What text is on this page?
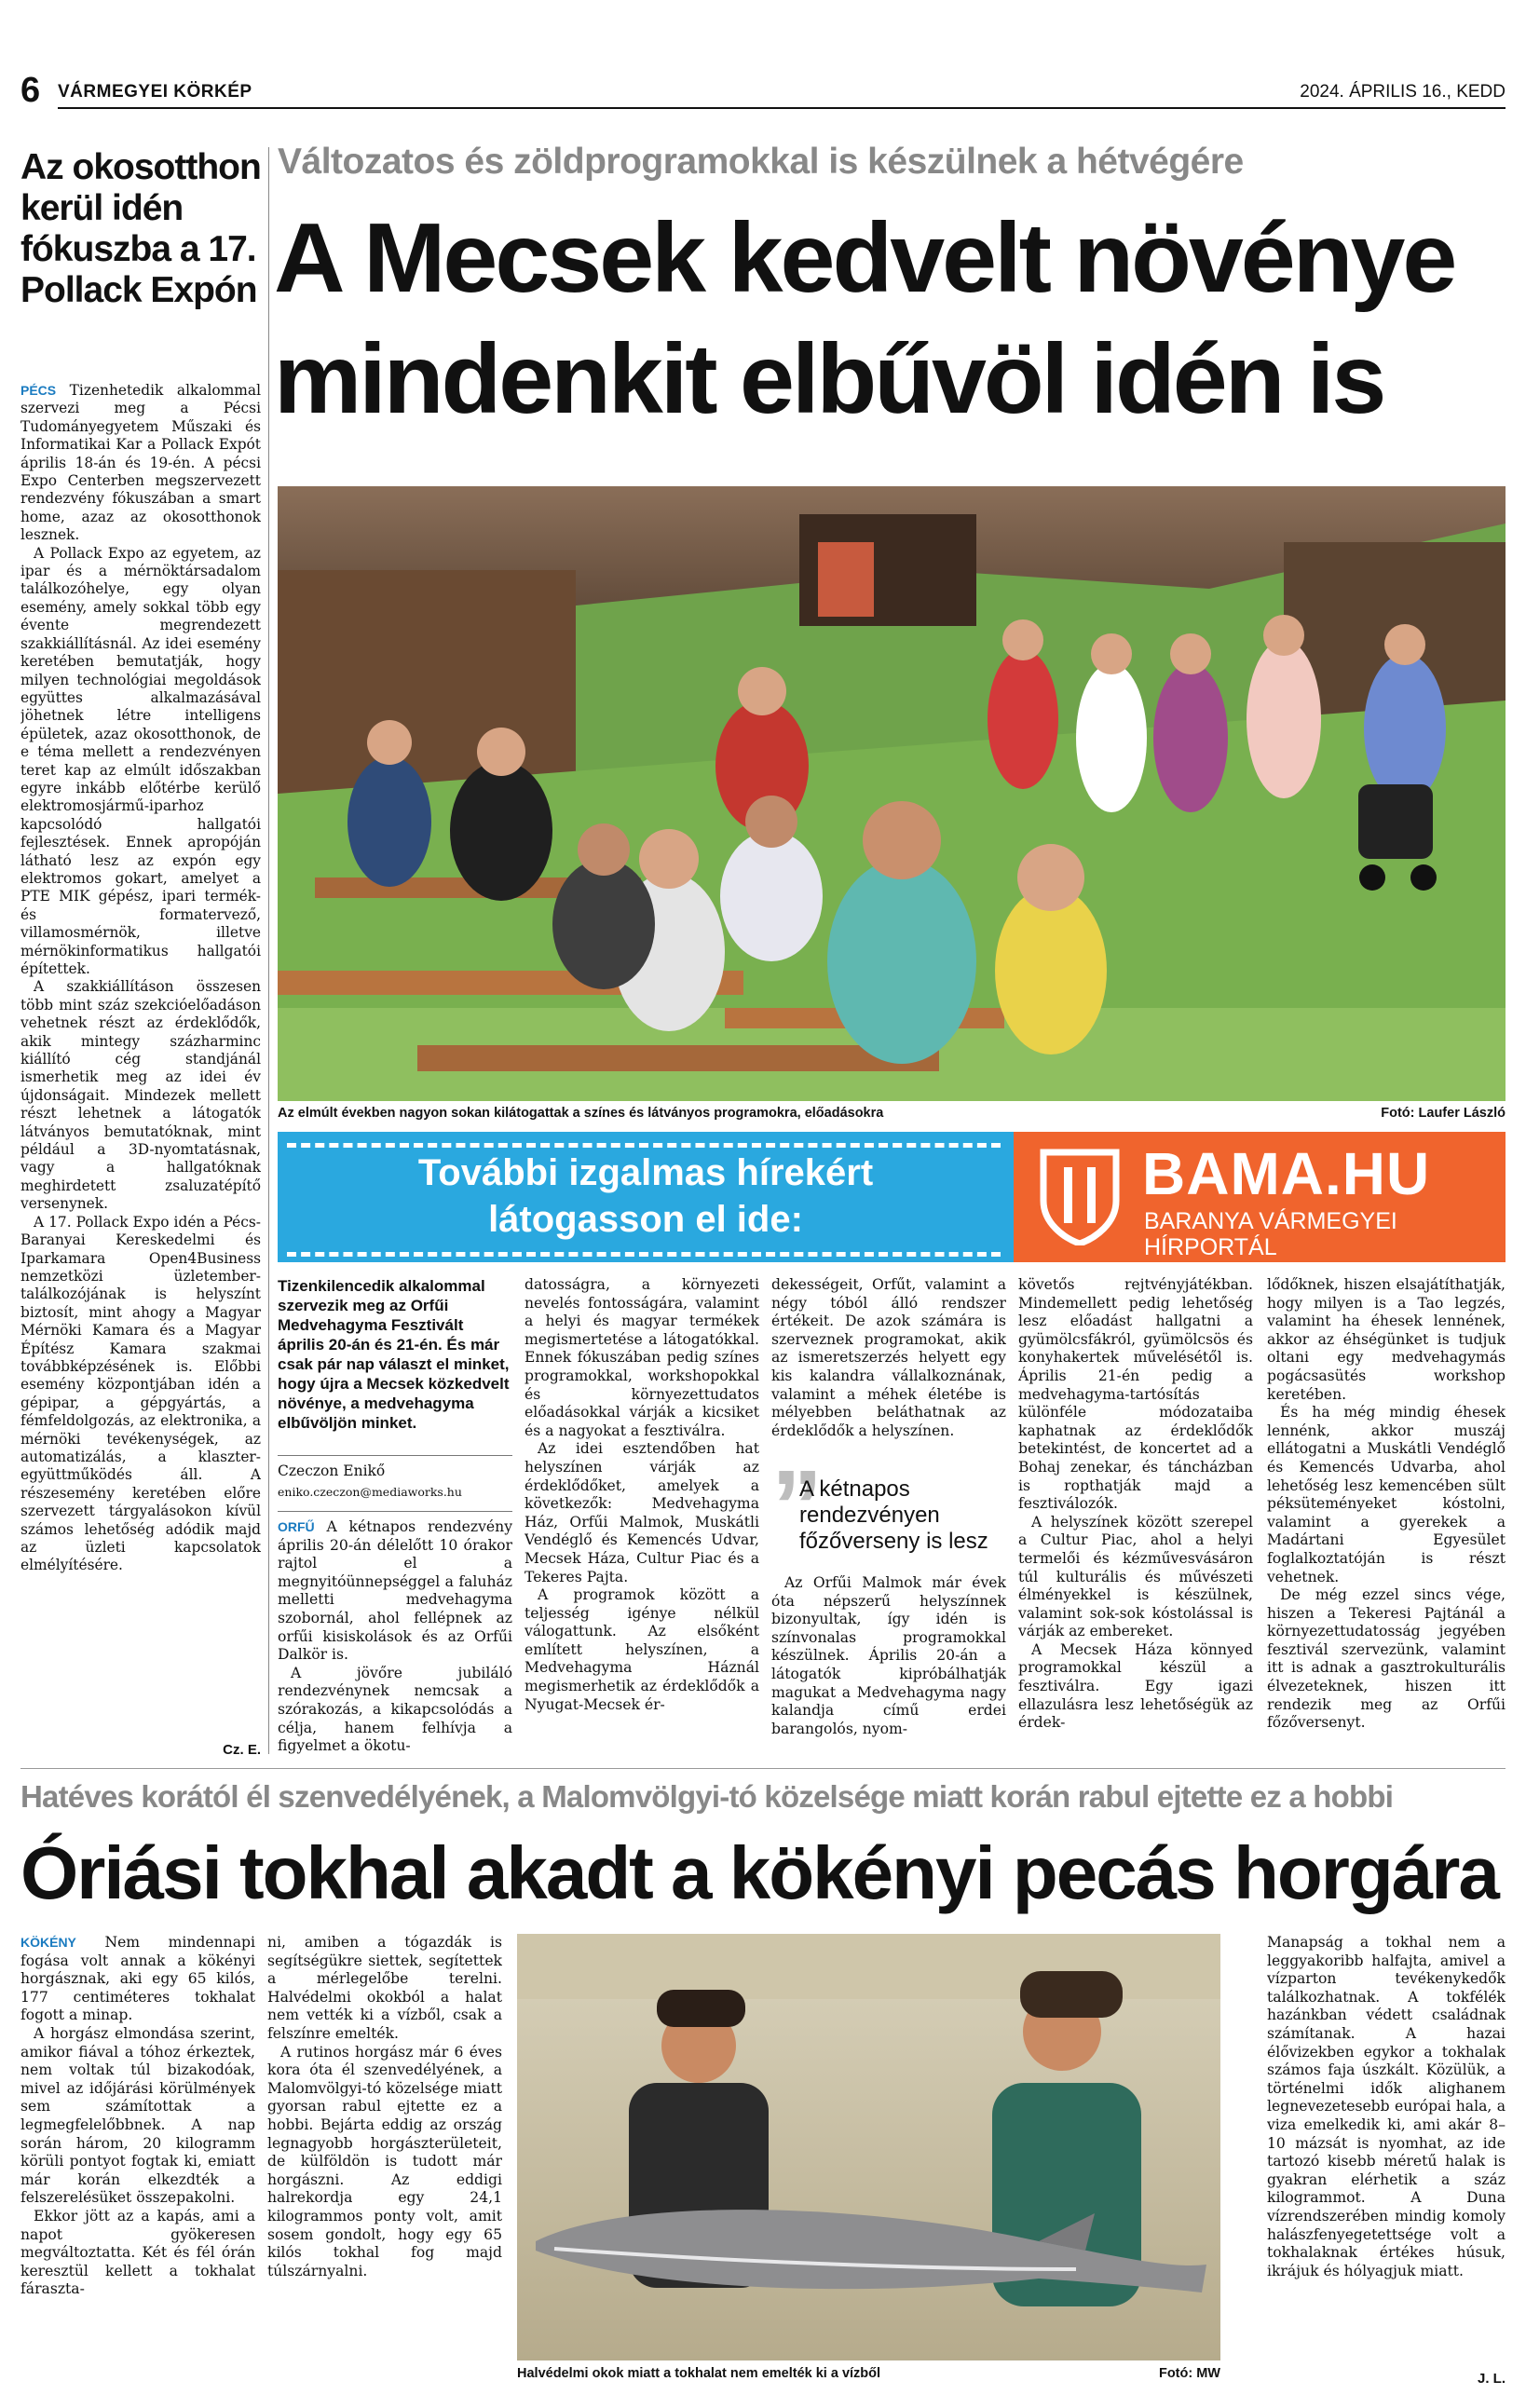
6 VÁRMEGYEI KÖRKÉP	2024. ÁPRILIS 16., KEDD
Az okosotthon kerül idén fókuszba a 17. Pollack Expón

PÉCS Tizenhetedik alkalommal szervezi meg a Pécsi Tudományegyetem Műszaki és Informatikai Kar a Pollack Expót április 18-án és 19-én. A pécsi Expo Centerben megszervezett rendezvény fókuszában a smart home, azaz az okosotthonok lesznek.

A Pollack Expo az egyetem, az ipar és a mérnöktársadalom találkozóhelye, egy olyan esemény, amely sokkal több egy évente megrendezett szakkiállításnál. Az idei esemény keretében bemutatják, hogy milyen technológiai megoldások együttes alkalmazásával jöhetnek létre intelligens épületek, azaz okosotthonok, de e téma mellett a rendezvényen teret kap az elmúlt időszakban egyre inkább előtérbe kerülő elektromosjármű-iparhoz kapcsolódó hallgatói fejlesztések. Ennek apropóján látható lesz az expón egy elektromos gokart, amelyet a PTE MIK gépész, ipari termék- és formatervező, villamosmérnök, illetve mérnökinformatikus hallgatói építettek.

A szakkiállításon összesen több mint száz szekcióelőadáson vehetnek részt az érdeklődők, akik mintegy százharminc kiállító cég standjánál ismerhetik meg az idei év újdonságait. Mindezek mellett részt lehetnek a látogatók látványos bemutatóknak, mint például a 3D-nyomtatásnak, vagy a hallgatóknak meghirdetett zsaluzatépítő versenynek.

A 17. Pollack Expo idén a Pécs-Baranyai Kereskedelmi és Iparkamara Open4Business nemzetközi üzletember-találkozójának is helyszínt biztosít, mint ahogy a Magyar Mérnöki Kamara és a Magyar Építész Kamara szakmai továbbképzésének is. Előbbi esemény központjában idén a gépipar, a gépgyártás, a fémfeldolgozás, az elektronika, a mérnöki tevékenységek, az automatizálás, a klaszter-együttműködés áll. A részesemény keretében előre szervezett tárgyalásokon kívül számos lehetőség adódik majd az üzleti kapcsolatok elmélyítésére.

Cz. E.
Változatos és zöldprogramokkal is készülnek a hétvégére
A Mecsek kedvelt növénye
mindenkit elbűvöl idén is
Az elmúlt években nagyon sokan kilátogattak a színes és látványos programokra, előadásokra	Fotó: Laufer László
További izgalmas hírekért
látogasson el ide:
BAMA.HU
BARANYA VÁRMEGYEI
HÍRPORTÁL
Tizenkilencedik alkalommal szervezik meg az Orfűi Medvehagyma Fesztivált április 20-án és 21-én. És már csak pár nap választ el minket, hogy újra a Mecsek közkedvelt növénye, a medvehagyma elbűvöljön minket.
Czeczon Enikő
eniko.czeczon@mediaworks.hu

ORFŰ A kétnapos rendezvény április 20-án délelőtt 10 órakor rajtol el a megnyitóünnepséggel a faluház melletti medvehagyma szobornál, ahol fellépnek az orfűi kisiskolások és az Orfűi Dalkör is.

A jövőre jubiláló rendezvénynek nemcsak a szórakozás, a kikapcsolódás a célja, hanem felhívja a figyelmet a ökotu-

datosságra, a környezeti nevelés fontosságára, valamint a helyi és magyar termékek megismertetése a látogatókkal. Ennek fókuszában pedig színes programokkal, workshopokkal és környezettudatos előadásokkal várják a kicsiket és a nagyokat a fesztiválra.

Az idei esztendőben hat helyszínen várják az érdeklődőket, amelyek a következők: Medvehagyma Ház, Orfűi Malmok, Muskátli Vendéglő és Kemencés Udvar, Mecsek Háza, Cultur Piac és a Tekeres Pajta.

A programok között a teljesség igénye nélkül válogattunk. Az elsőként említett helyszínen, a Medvehagyma Háznál megismerhetik az érdeklődők a Nyugat-Mecsek ér-

dekességeit, Orfűt, valamint a négy tóból álló rendszer értékeit. De azok számára is szerveznek programokat, akik az ismeretszerzés helyett egy kis kalandra vállalkoznának, valamint a méhek életébe is mélyebben beláthatnak az érdeklődők a helyszínen.

”
A kétnapos rendezvényen főzőverseny is lesz

Az Orfűi Malmok már évek óta népszerű helyszínnek bizonyultak, így idén is színvonalas programokkal készülnek. Április 20-án a látogatók kipróbálhatják magukat a Medvehagyma nagy kalandja című erdei barangolós, nyom-

követős rejtvényjátékban. Mindemellett pedig lehetőség lesz előadást hallgatni a gyümölcsfákról, gyümölcsös és konyhakertek művelésétől is. Április 21-én pedig a medvehagyma-tartósítás különféle módozataiba kaphatnak az érdeklődők betekintést, de koncertet ad a Bohaj zenekar, és táncházban is ropthatják majd a fesztiválozók.

A helyszínek között szerepel a Cultur Piac, ahol a helyi termelői és kézművesvásáron túl kulturális és művészeti élményekkel is készülnek, valamint sok-sok kóstolással is várják az embereket.

A Mecsek Háza könnyed programokkal készül a fesztiválra. Egy igazi ellazulásra lesz lehetőségük az érdek-

lődőknek, hiszen elsajátíthatják, hogy milyen is a Tao legzés, valamint ha éhesek lennének, akkor az éhségünket is tudjuk oltani egy medvehagymás pogácsasütés workshop keretében.

És ha még mindig éhesek lennénk, akkor muszáj ellátogatni a Muskátli Vendéglő és Kemencés Udvarba, ahol lehetőség lesz kemencében sült péksüteményeket kóstolni, valamint a gyerekek a Madártani Egyesület foglalkoztatóján is részt vehetnek.

De még ezzel sincs vége, hiszen a Tekeresi Pajtánál a környezettudatosság jegyében fesztivál szervezünk, valamint itt is adnak a gasztrokulturális élvezeteknek, hiszen itt rendezik meg az Orfűi főzőversenyt.

Hatéves korától él szenvedélyének, a Malomvölgyi-tó közelsége miatt korán rabul ejtette ez a hobbi
Óriási tokhal akadt a kökényi pecás horgára

KÖKÉNY Nem mindennapi fogása volt annak a kökényi horgásznak, aki egy 65 kilós, 177 centiméteres tokhalat fogott a minap.

A horgász elmondása szerint, amikor fiával a tóhoz érkeztek, nem voltak túl bizakodóak, mivel az időjárási körülmények sem számítottak a legmegfelelőbbnek. A nap során három, 20 kilogramm körüli pontyot fogtak ki, emiatt már korán elkezdték a felszerelésüket összepakolni.

Ekkor jött az a kapás, ami a napot gyökeresen megváltoztatta. Két és fél órán keresztül kellett a tokhalat fáraszta-

ni, amiben a tógazdák is segítségükre siettek, segítettek a mérlegelőbe terelni. Halvédelmi okokból a halat nem vették ki a vízből, csak a felszínre emelték.

A rutinos horgász már 6 éves kora óta él szenvedélyének, a Malomvölgyi-tó közelsége miatt gyorsan rabul ejtette ez a hobbi. Bejárta eddig az ország legnagyobb horgászterületeit, de külföldön is tudott már horgászni. Az eddigi halrekordja egy 24,1 kilogrammos ponty volt, amit sosem gondolt, hogy egy 65 kilós tokhal fog majd túlszárnyalni.

Halvédelmi okok miatt a tokhalat nem emelték ki a vízből	Fotó: MW

Manapság a tokhal nem a leggyakoribb halfajta, amivel a vízparton tevékenykedők találkozhatnak. A tokfélék hazánkban védett családnak számítanak. A hazai élővizekben egykor a tokhalak számos faja úszkált. Közülük, a történelmi idők alighanem legnevezetesebb európai hala, a viza emelkedik ki, ami akár 8–10 mázsát is nyomhat, az ide tartozó kisebb méretű halak is gyakran elérhetik a száz kilogrammot. A Duna vízrendszerében mindig komoly halászfenyegetettsége volt a tokhalaknak értékes húsuk, ikrájuk és hólyagjuk miatt.

J. L.
